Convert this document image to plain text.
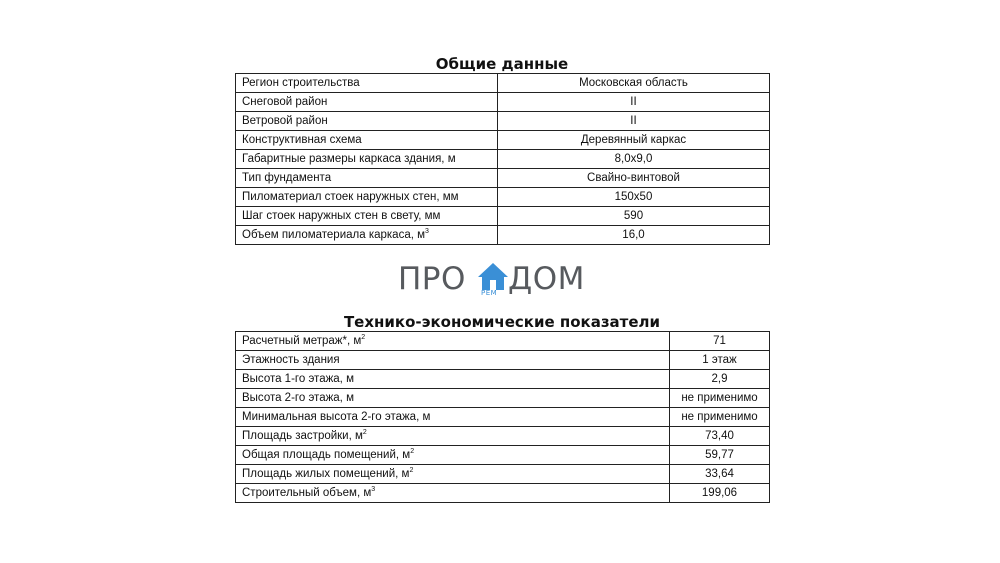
Общие данные
Регион строительства	Московская область
Снеговой район	II
Ветровой район	II
Конструктивная схема	Деревянный каркас
Габаритные размеры каркаса здания, м	8,0х9,0
Тип фундамента	Свайно-винтовой
Пиломатериал стоек наружных стен, мм	150х50
Шаг стоек наружных стен в свету, мм	590
Объем пиломатериала каркаса, $м^3$	16,0
ПРО РЕМ ДОМ
Технико-экономические показатели
Расчетный метраж*, $м^2$	71
Этажность здания	1 этаж
Высота 1-го этажа, м	2,9
Высота 2-го этажа, м	не применимо
Минимальная высота 2-го этажа, м	не применимо
Площадь застройки, $м^2$	73,40
Общая площадь помещений, $м^2$	59,77
Площадь жилых помещений, $м^2$	33,64
Строительный объем, $м^3$	199,06
